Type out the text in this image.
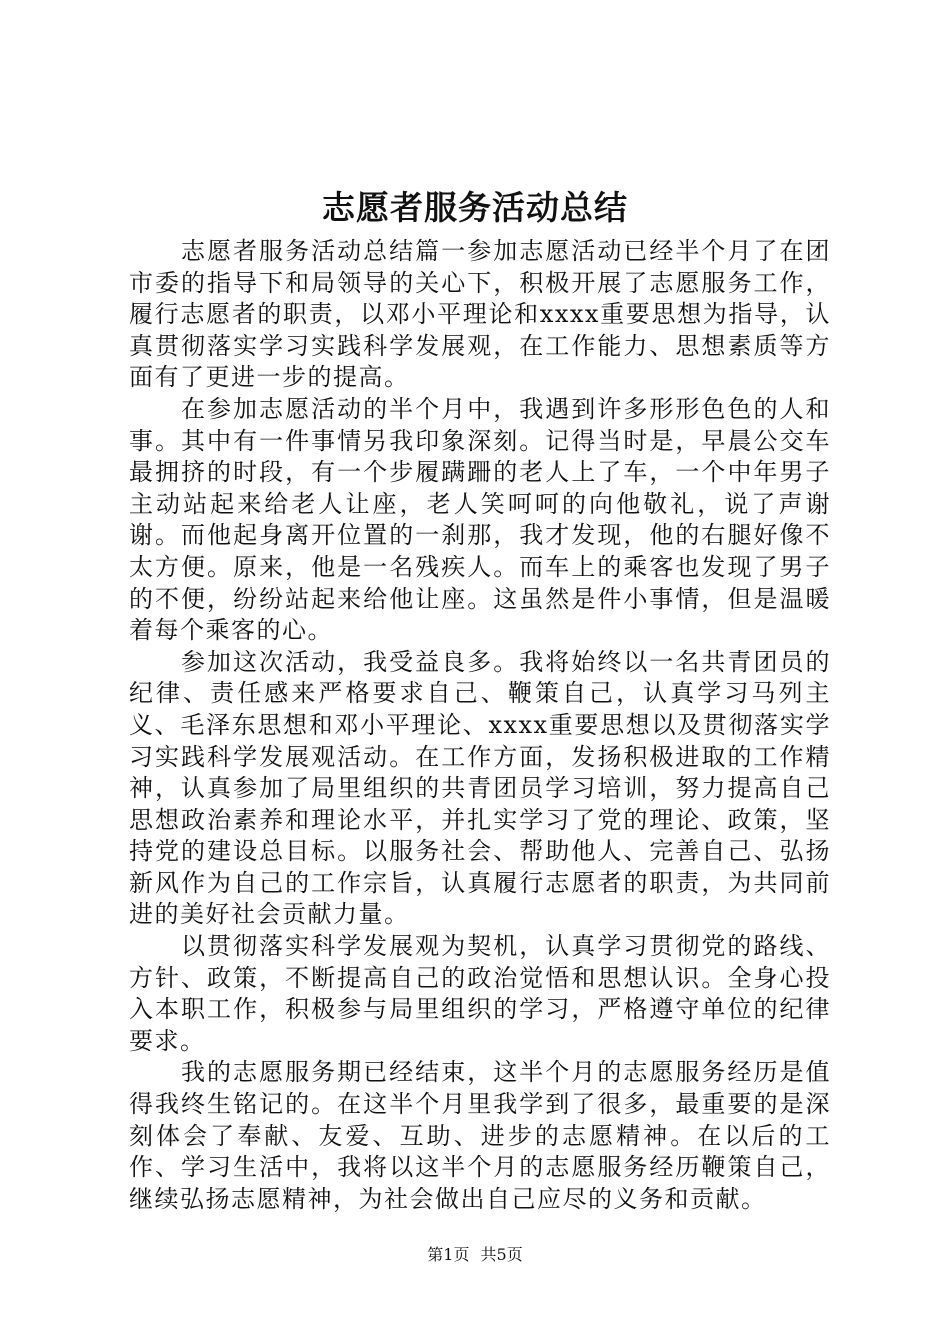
志愿者服务活动总结

志愿者服务活动总结篇一参加志愿活动已经半个月了在团市委的指导下和局领导的关心下，积极开展了志愿服务工作，履行志愿者的职责，以邓小平理论和xxxx重要思想为指导，认真贯彻落实学习实践科学发展观，在工作能力、思想素质等方面有了更进一步的提高。

在参加志愿活动的半个月中，我遇到许多形形色色的人和事。其中有一件事情另我印象深刻。记得当时是，早晨公交车最拥挤的时段，有一个步履蹒跚的老人上了车，一个中年男子主动站起来给老人让座，老人笑呵呵的向他敬礼，说了声谢谢。而他起身离开位置的一刹那，我才发现，他的右腿好像不太方便。原来，他是一名残疾人。而车上的乘客也发现了男子的不便，纷纷站起来给他让座。这虽然是件小事情，但是温暖着每个乘客的心。

参加这次活动，我受益良多。我将始终以一名共青团员的纪律、责任感来严格要求自己、鞭策自己，认真学习马列主义、毛泽东思想和邓小平理论、xxxx重要思想以及贯彻落实学习实践科学发展观活动。在工作方面，发扬积极进取的工作精神，认真参加了局里组织的共青团员学习培训，努力提高自己思想政治素养和理论水平，并扎实学习了党的理论、政策，坚持党的建设总目标。以服务社会、帮助他人、完善自己、弘扬新风作为自己的工作宗旨，认真履行志愿者的职责，为共同前进的美好社会贡献力量。

以贯彻落实科学发展观为契机，认真学习贯彻党的路线、方针、政策，不断提高自己的政治觉悟和思想认识。全身心投入本职工作，积极参与局里组织的学习，严格遵守单位的纪律要求。

我的志愿服务期已经结束，这半个月的志愿服务经历是值得我终生铭记的。在这半个月里我学到了很多，最重要的是深刻体会了奉献、友爱、互助、进步的志愿精神。在以后的工作、学习生活中，我将以这半个月的志愿服务经历鞭策自己，继续弘扬志愿精神，为社会做出自己应尽的义务和贡献。

第1页 共5页
